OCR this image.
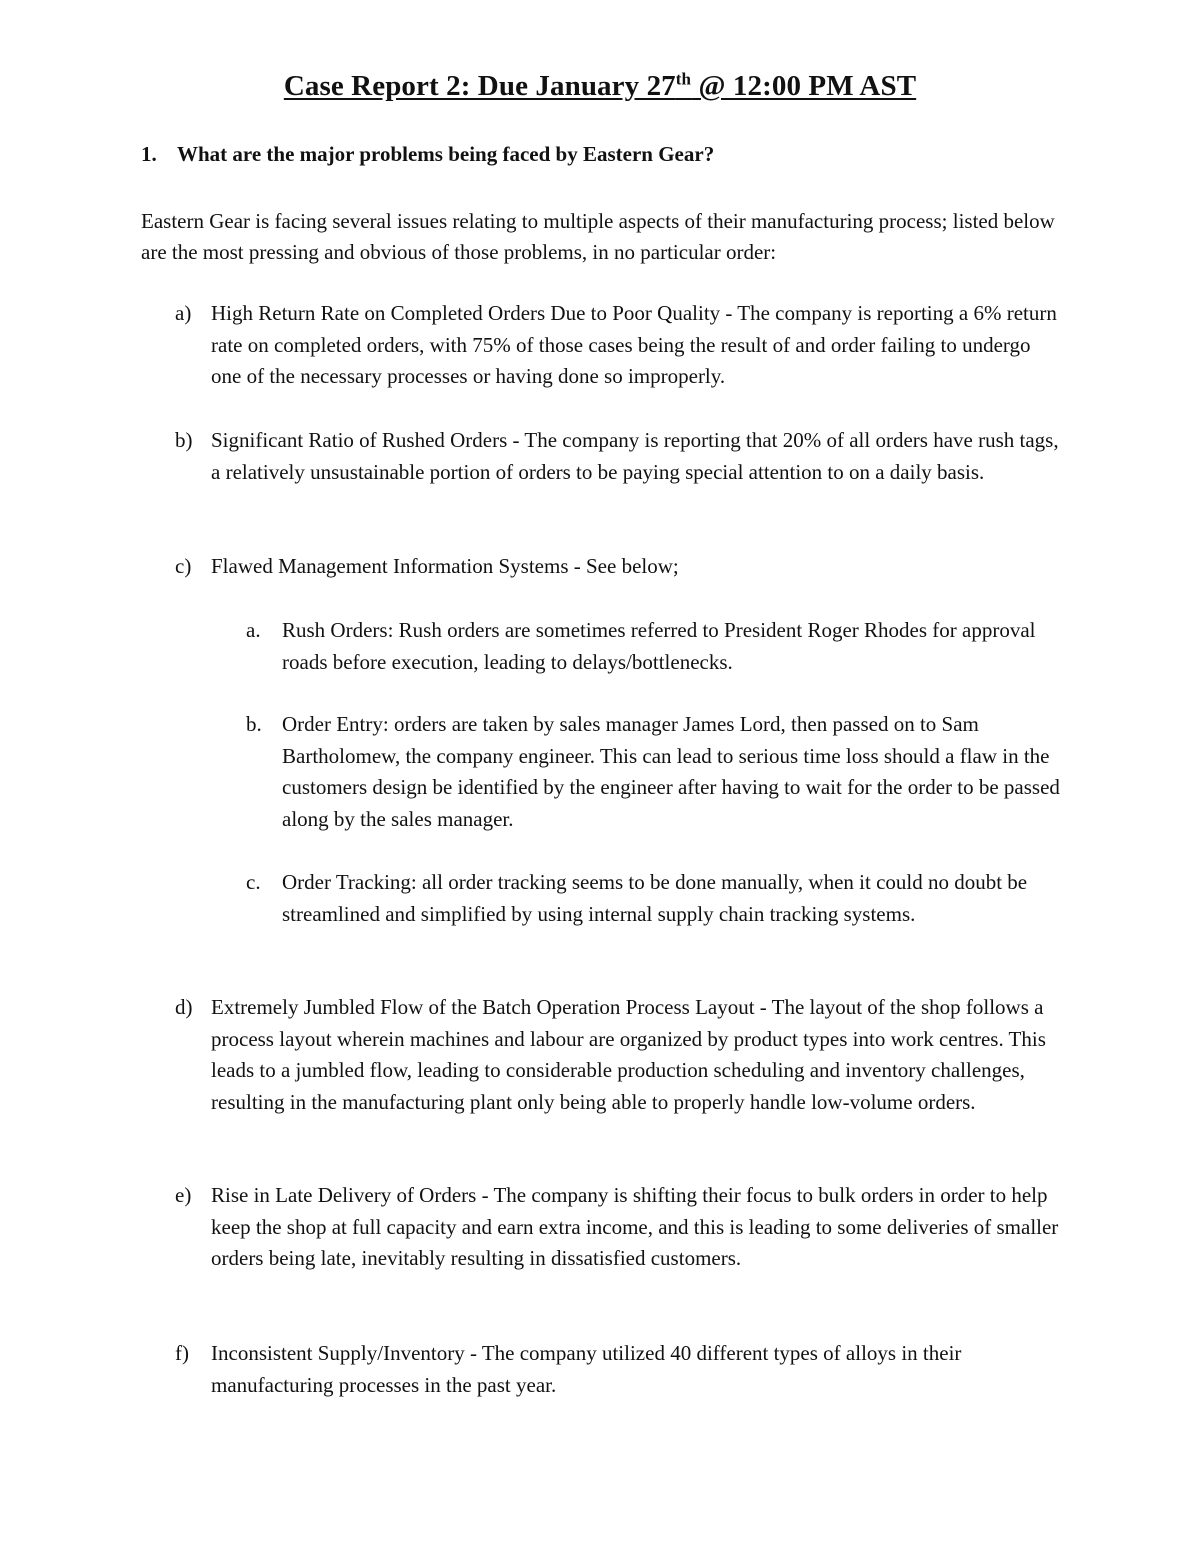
Case Report 2: Due January 27th @ 12:00 PM AST
1. What are the major problems being faced by Eastern Gear?
Eastern Gear is facing several issues relating to multiple aspects of their manufacturing process; listed below are the most pressing and obvious of those problems, in no particular order:
a) High Return Rate on Completed Orders Due to Poor Quality - The company is reporting a 6% return rate on completed orders, with 75% of those cases being the result of and order failing to undergo one of the necessary processes or having done so improperly.
b) Significant Ratio of Rushed Orders - The company is reporting that 20% of all orders have rush tags, a relatively unsustainable portion of orders to be paying special attention to on a daily basis.
c) Flawed Management Information Systems - See below;
a. Rush Orders: Rush orders are sometimes referred to President Roger Rhodes for approval roads before execution, leading to delays/bottlenecks.
b. Order Entry: orders are taken by sales manager James Lord, then passed on to Sam Bartholomew, the company engineer. This can lead to serious time loss should a flaw in the customers design be identified by the engineer after having to wait for the order to be passed along by the sales manager.
c. Order Tracking: all order tracking seems to be done manually, when it could no doubt be streamlined and simplified by using internal supply chain tracking systems.
d) Extremely Jumbled Flow of the Batch Operation Process Layout - The layout of the shop follows a process layout wherein machines and labour are organized by product types into work centres. This leads to a jumbled flow, leading to considerable production scheduling and inventory challenges, resulting in the manufacturing plant only being able to properly handle low-volume orders.
e) Rise in Late Delivery of Orders - The company is shifting their focus to bulk orders in order to help keep the shop at full capacity and earn extra income, and this is leading to some deliveries of smaller orders being late, inevitably resulting in dissatisfied customers.
f) Inconsistent Supply/Inventory - The company utilized 40 different types of alloys in their manufacturing processes in the past year.
